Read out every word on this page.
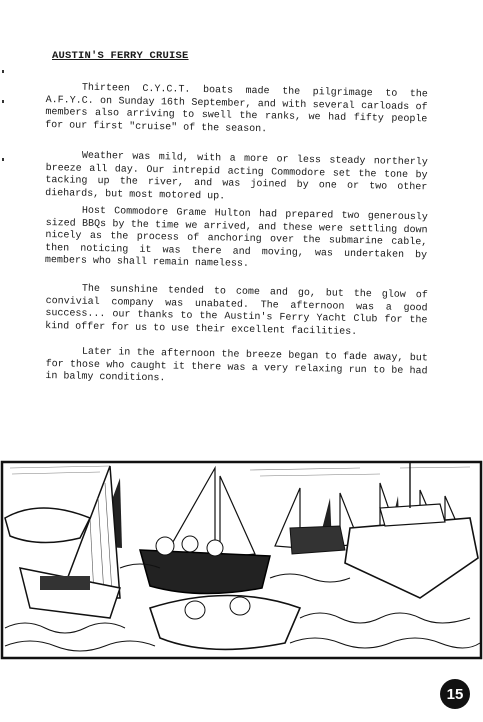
AUSTIN'S FERRY CRUISE

Thirteen C.Y.C.T. boats made the pilgrimage to the A.F.Y.C. on Sunday 16th September, and with several carloads of members also arriving to swell the ranks, we had fifty people for our first "cruise" of the season.

Weather was mild, with a more or less steady northerly breeze all day. Our intrepid acting Commodore set the tone by tacking up the river, and was joined by one or two other diehards, but most motored up.

Host Commodore Grame Hulton had prepared two generously sized BBQs by the time we arrived, and these were settling down nicely as the process of anchoring over the submarine cable, then noticing it was there and moving, was undertaken by members who shall remain nameless.

The sunshine tended to come and go, but the glow of convivial company was unabated. The afternoon was a good success... our thanks to the Austin's Ferry Yacht Club for the kind offer for us to use their excellent facilities.

Later in the afternoon the breeze began to fade away, but for those who caught it there was a very relaxing run to be had in balmy conditions.

15
